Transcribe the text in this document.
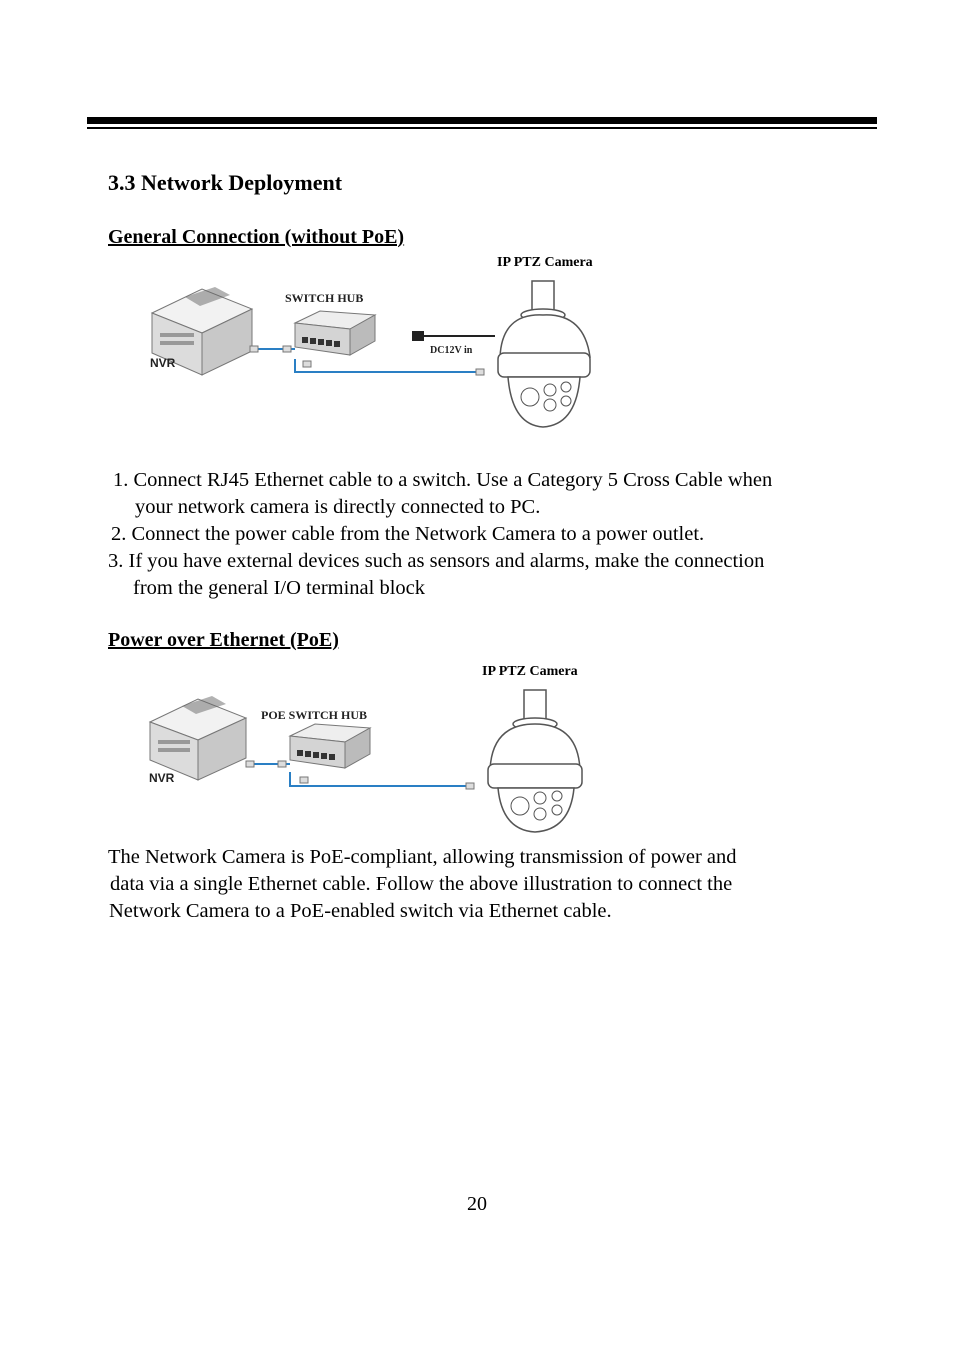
3.3 Network Deployment
General Connection (without PoE)
IP PTZ Camera
NVR
SWITCH HUB
DC12V in
1. Connect RJ45 Ethernet cable to a switch. Use a Category 5 Cross Cable when
your network camera is directly connected to PC.
2. Connect the power cable from the Network Camera to a power outlet.
3. If you have external devices such as sensors and alarms, make the connection
from the general I/O terminal block
Power over Ethernet (PoE)
IP PTZ Camera
NVR
POE SWITCH HUB
The Network Camera is PoE-compliant, allowing transmission of power and
data via a single Ethernet cable. Follow the above illustration to connect the
Network Camera to a PoE-enabled switch via Ethernet cable.
20
